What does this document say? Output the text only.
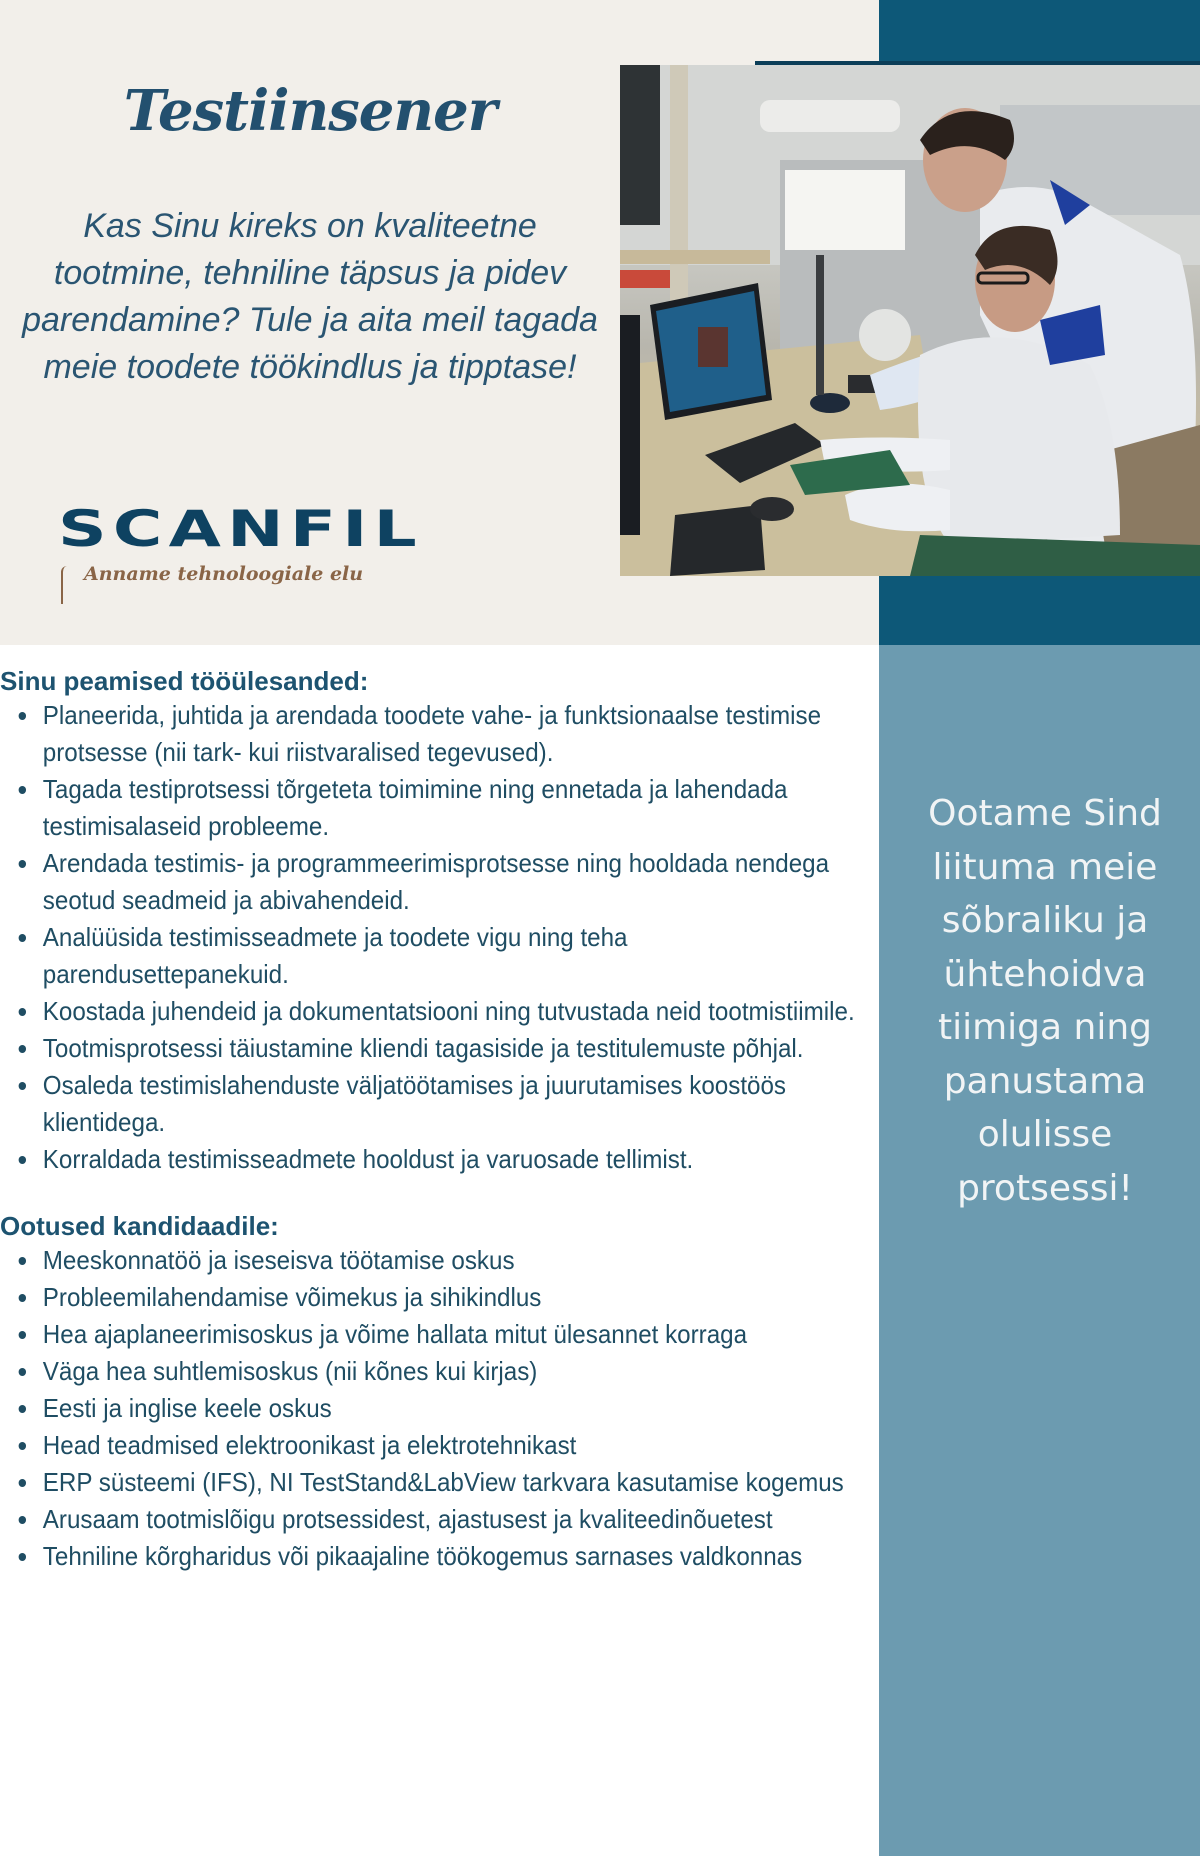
Testiinsener
Kas Sinu kireks on kvaliteetne tootmine, tehniline täpsus ja pidev parendamine? Tule ja aita meil tagada meie toodete töökindlus ja tipptase!
SCANFIL
Anname tehnoloogiale elu
Sinu peamised tööülesanded:
Planeerida, juhtida ja arendada toodete vahe- ja funktsionaalse testimise protsesse (nii tark- kui riistvaralised tegevused).
Tagada testiprotsessi tõrgeteta toimimine ning ennetada ja lahendada testimisalaseid probleeme.
Arendada testimis- ja programmeerimisprotsesse ning hooldada nendega seotud seadmeid ja abivahendeid.
Analüüsida testimisseadmete ja toodete vigu ning teha parendusettepanekuid.
Koostada juhendeid ja dokumentatsiooni ning tutvustada neid tootmistiimile.
Tootmisprotsessi täiustamine kliendi tagasiside ja testitulemuste põhjal.
Osaleda testimislahenduste väljatöötamises ja juurutamises koostöös klientidega.
Korraldada testimisseadmete hooldust ja varuosade tellimist.
Ootused kandidaadile:
Meeskonnatöö ja iseseisva töötamise oskus
Probleemilahendamise võimekus ja sihikindlus
Hea ajaplaneerimisoskus ja võime hallata mitut ülesannet korraga
Väga hea suhtlemisoskus (nii kõnes kui kirjas)
Eesti ja inglise keele oskus
Head teadmised elektroonikast ja elektrotehnikast
ERP süsteemi (IFS), NI TestStand&LabView tarkvara kasutamise kogemus
Arusaam tootmislõigu protsessidest, ajastusest ja kvaliteedinõuetest
Tehniline kõrgharidus või pikaajaline töökogemus sarnases valdkonnas
Ootame Sind liituma meie sõbraliku ja ühtehoidva tiimiga ning panustama olulisse protsessi!
